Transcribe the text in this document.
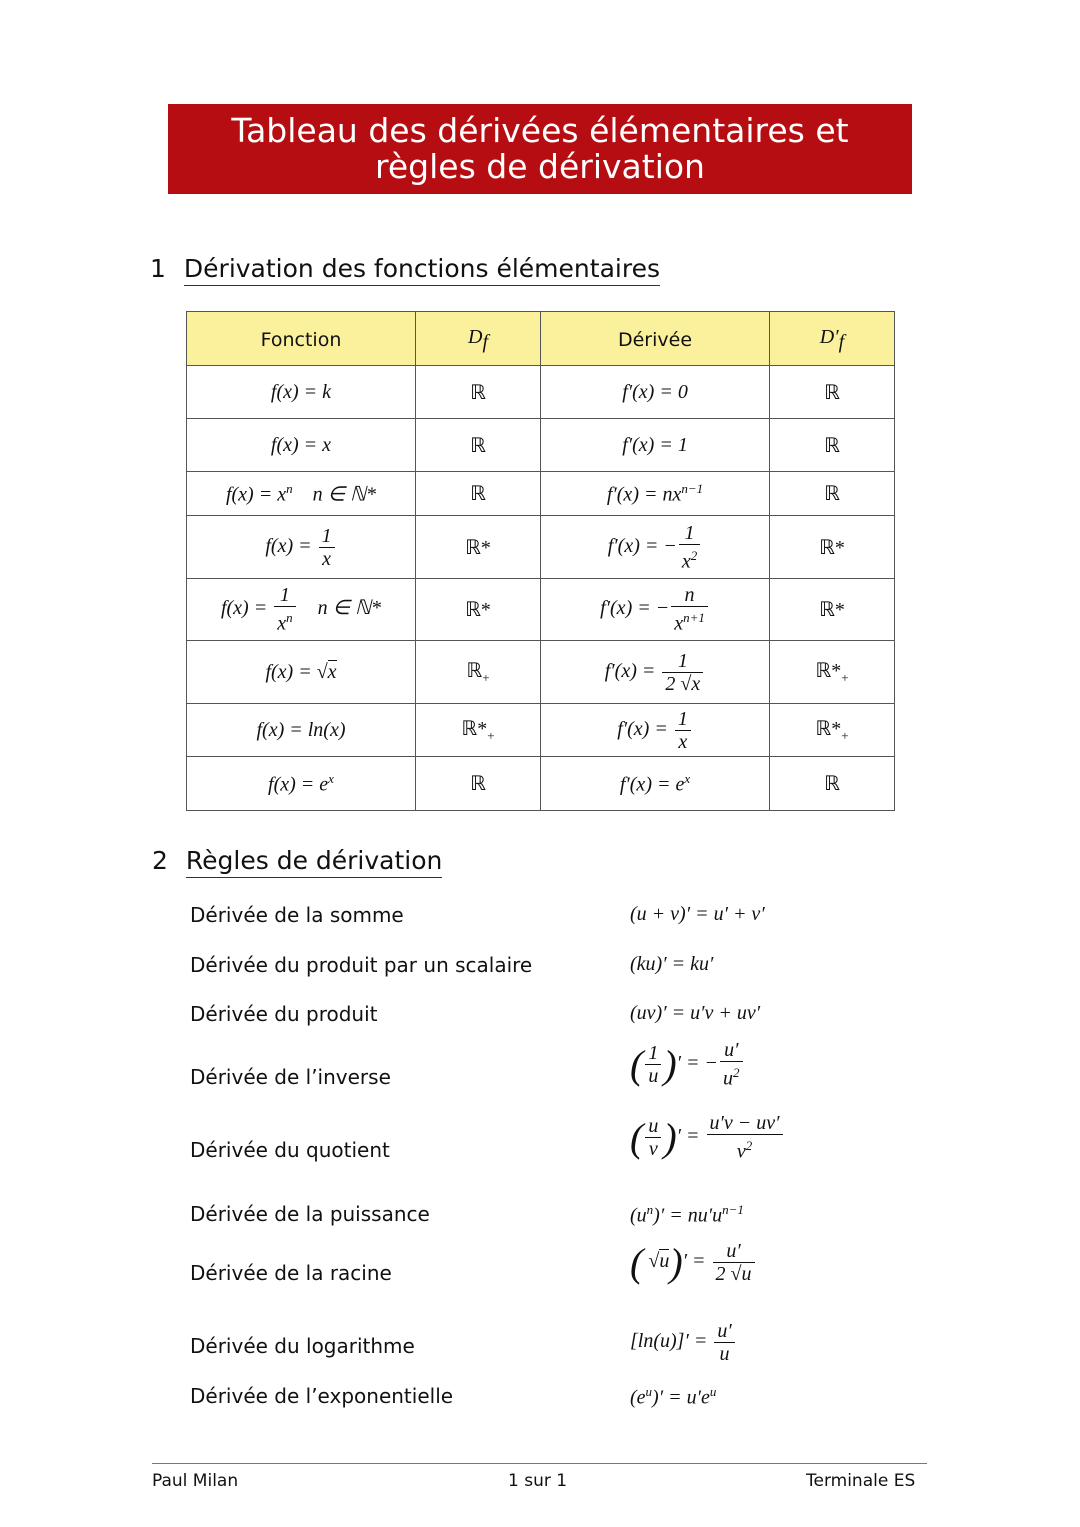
Tableau des dérivées élémentaires et
règles de dérivation
1 Dérivation des fonctions élémentaires
Fonction	$D_f$	Dérivée	$D'_f$
f(x) = k	ℝ	f′(x) = 0	ℝ
f(x) = x	ℝ	f′(x) = 1	ℝ
$f(x) = x^n$ n ∈ ℕ*	ℝ	$f'(x) = nx^{n-1}$	ℝ
$f(x) = \frac{1}{x}$	ℝ*	f′(x) = − $\frac{1}{x^2}$	ℝ*
$f(x) = \frac{1}{x^n}$ n ∈ ℕ*	ℝ*	f′(x) = − $\frac{n}{x^{n+1}}$	ℝ*
f(x) = √x	ℝ$_+$	$f'(x) = \frac{1}{2 √x}$	$ℝ*_+$
f(x) = ln(x)	$ℝ*_+$	$f'(x) = \frac{1}{x}$	$ℝ*_+$
$f(x) = e^x$	ℝ	$f'(x) = e^x$	ℝ
2 Règles de dérivation
Dérivée de la somme	(u + v)′ = u′ + v′
Dérivée du produit par un scalaire	(ku)′ = ku′
Dérivée du produit	(uv)′ = u′v + uv′
Dérivée de l’inverse	( $\frac{1}{u}$ )′ = − $\frac{u'}{u^2}$
Dérivée du quotient	( $\frac{u}{v}$ )′ = $\frac{u'v - uv'}{v^2}$
Dérivée de la puissance	$(u^n)' = nu'u^{n-1}$
Dérivée de la racine	( $√u)' = \frac{u'}{2 √u}$
Dérivée du logarithme	$[\ln(u)]' = \frac{u'}{u}$
Dérivée de l’exponentielle	$(e^u)' = u'e^u$
Paul Milan	1 sur 1	Terminale ES
